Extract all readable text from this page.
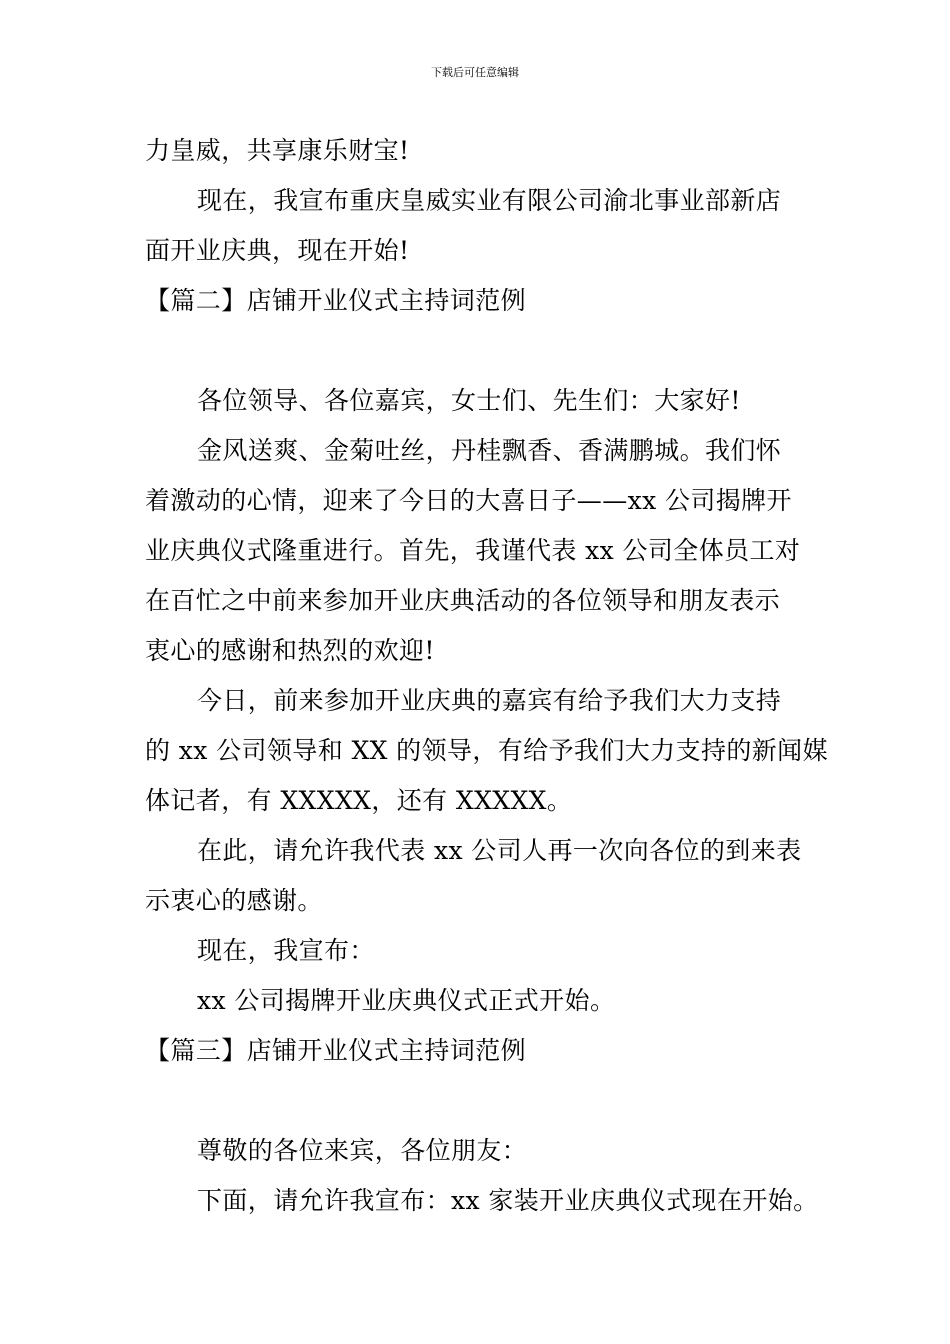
下载后可任意编辑
力皇威，共享康乐财宝!
现在，我宣布重庆皇威实业有限公司渝北事业部新店
面开业庆典，现在开始!
【篇二】店铺开业仪式主持词范例
各位领导、各位嘉宾，女士们、先生们：大家好!
金风送爽、金菊吐丝，丹桂飘香、香满鹏城。我们怀
着激动的心情，迎来了今日的大喜日子——xx 公司揭牌开
业庆典仪式隆重进行。首先，我谨代表 xx 公司全体员工对
在百忙之中前来参加开业庆典活动的各位领导和朋友表示
衷心的感谢和热烈的欢迎!
今日，前来参加开业庆典的嘉宾有给予我们大力支持
的 xx 公司领导和 XX 的领导，有给予我们大力支持的新闻媒
体记者，有 XXXXX，还有 XXXXX。
在此，请允许我代表 xx 公司人再一次向各位的到来表
示衷心的感谢。
现在，我宣布：
xx 公司揭牌开业庆典仪式正式开始。
【篇三】店铺开业仪式主持词范例
尊敬的各位来宾，各位朋友：
下面，请允许我宣布：xx 家装开业庆典仪式现在开始。
